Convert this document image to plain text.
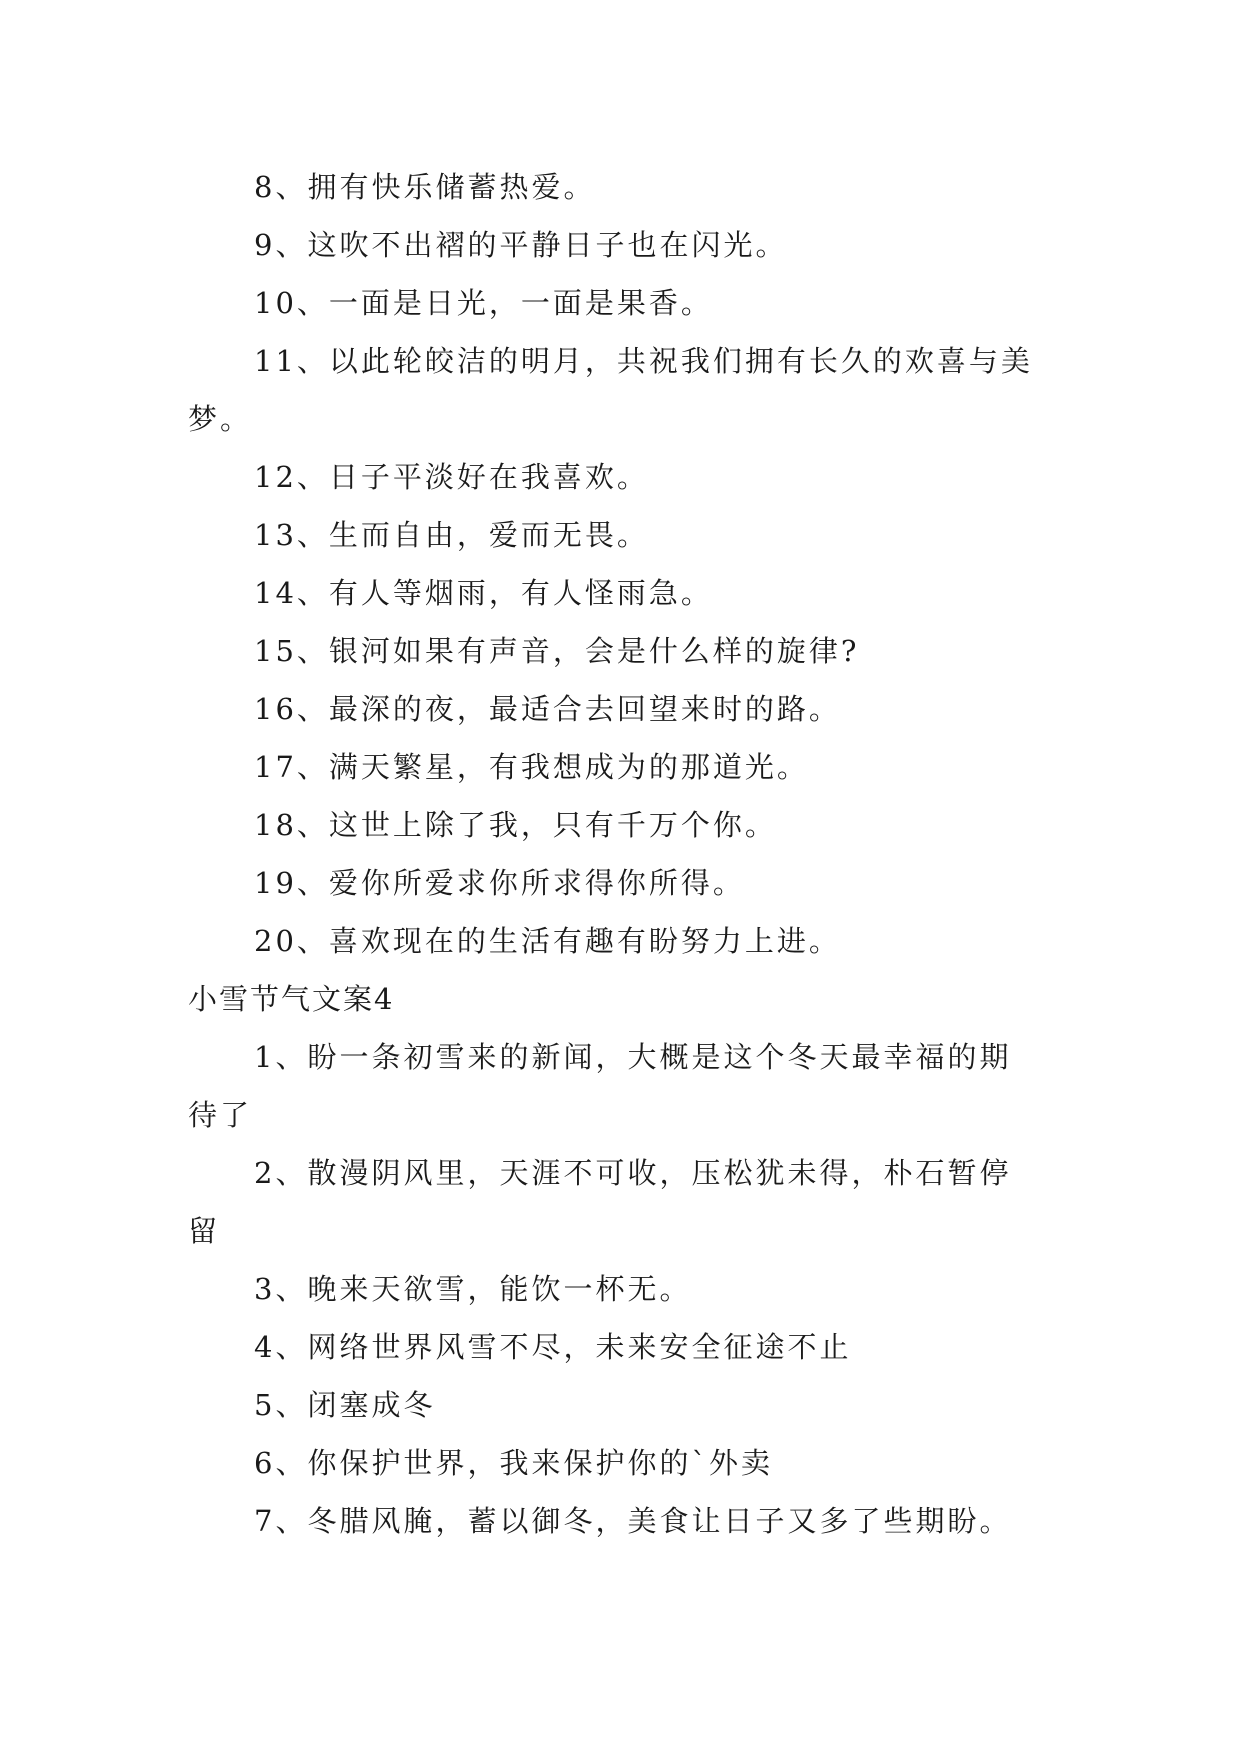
8、拥有快乐储蓄热爱。
9、这吹不出褶的平静日子也在闪光。
10、一面是日光，一面是果香。
11、以此轮皎洁的明月，共祝我们拥有长久的欢喜与美
梦。
12、日子平淡好在我喜欢。
13、生而自由，爱而无畏。
14、有人等烟雨，有人怪雨急。
15、银河如果有声音，会是什么样的旋律?
16、最深的夜，最适合去回望来时的路。
17、满天繁星，有我想成为的那道光。
18、这世上除了我，只有千万个你。
19、爱你所爱求你所求得你所得。
20、喜欢现在的生活有趣有盼努力上进。
小雪节气文案4
1、盼一条初雪来的新闻，大概是这个冬天最幸福的期
待了
2、散漫阴风里，天涯不可收，压松犹未得，朴石暂停
留
3、晚来天欲雪，能饮一杯无。
4、网络世界风雪不尽，未来安全征途不止
5、闭塞成冬
6、你保护世界，我来保护你的`外卖
7、冬腊风腌，蓄以御冬，美食让日子又多了些期盼。
